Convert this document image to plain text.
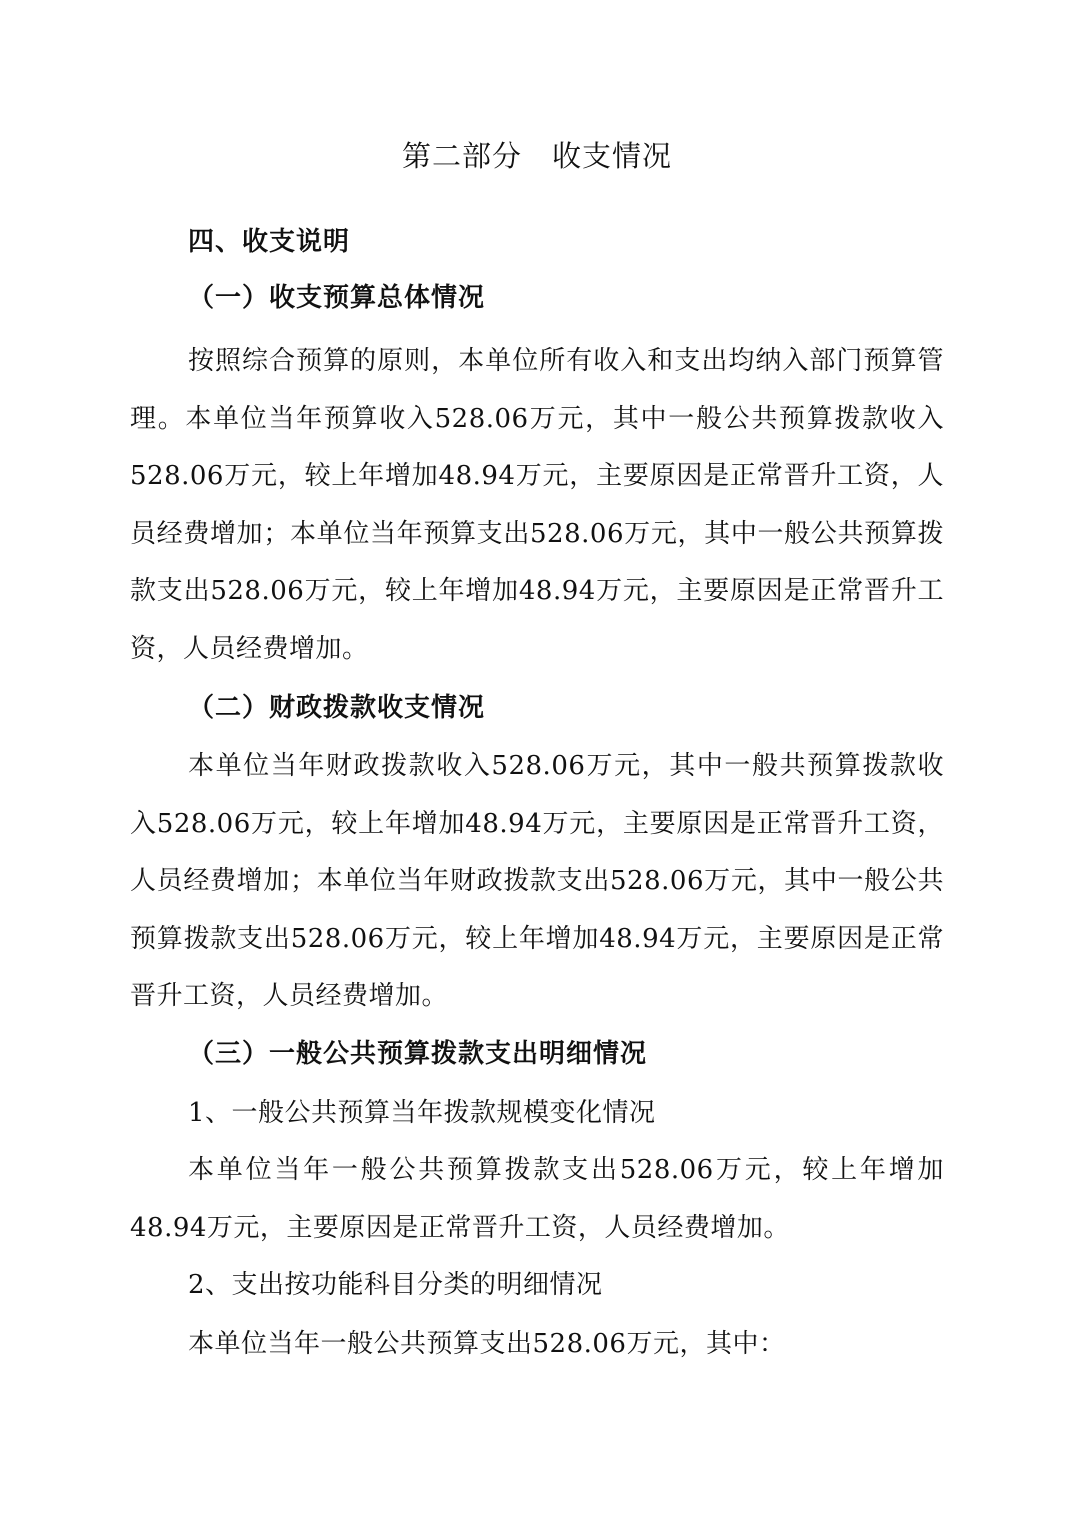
第二部分　收支情况
四、收支说明
（一）收支预算总体情况

按照综合预算的原则，本单位所有收入和支出均纳入部门预算管理。本单位当年预算收入528.06万元，其中一般公共预算拨款收入528.06万元，较上年增加48.94万元，主要原因是正常晋升工资，人员经费增加；本单位当年预算支出528.06万元，其中一般公共预算拨款支出528.06万元，较上年增加48.94万元，主要原因是正常晋升工资，人员经费增加。

（二）财政拨款收支情况

本单位当年财政拨款收入528.06万元，其中一般共预算拨款收入528.06万元，较上年增加48.94万元，主要原因是正常晋升工资，人员经费增加；本单位当年财政拨款支出528.06万元，其中一般公共预算拨款支出528.06万元，较上年增加48.94万元，主要原因是正常晋升工资，人员经费增加。

（三）一般公共预算拨款支出明细情况
1、一般公共预算当年拨款规模变化情况

本单位当年一般公共预算拨款支出528.06万元，较上年增加48.94万元，主要原因是正常晋升工资，人员经费增加。

2、支出按功能科目分类的明细情况

本单位当年一般公共预算支出528.06万元，其中：
